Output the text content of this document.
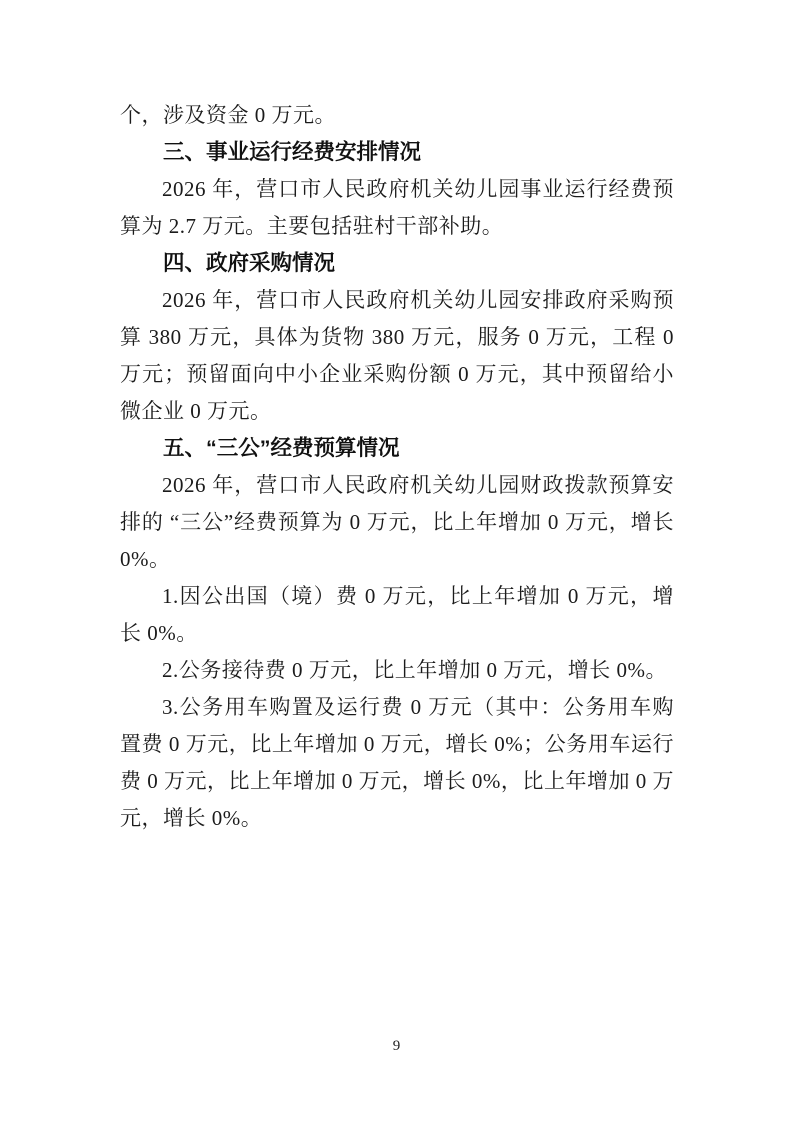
个，涉及资金 0 万元。

三、事业运行经费安排情况

2026 年，营口市人民政府机关幼儿园事业运行经费预算为 2.7 万元。主要包括驻村干部补助。

四、政府采购情况

2026 年，营口市人民政府机关幼儿园安排政府采购预算 380 万元，具体为货物 380 万元，服务 0 万元，工程 0 万元；预留面向中小企业采购份额 0 万元，其中预留给小微企业 0 万元。

五、“三公”经费预算情况

2026 年，营口市人民政府机关幼儿园财政拨款预算安排的 “三公”经费预算为 0 万元，比上年增加 0 万元，增长 0%。

1.因公出国（境）费 0 万元，比上年增加 0 万元，增长 0%。

2.公务接待费 0 万元，比上年增加 0 万元，增长 0%。

3.公务用车购置及运行费 0 万元（其中：公务用车购置费 0 万元，比上年增加 0 万元，增长 0%；公务用车运行费 0 万元，比上年增加 0 万元，增长 0%，比上年增加 0 万元，增长 0%。

9
